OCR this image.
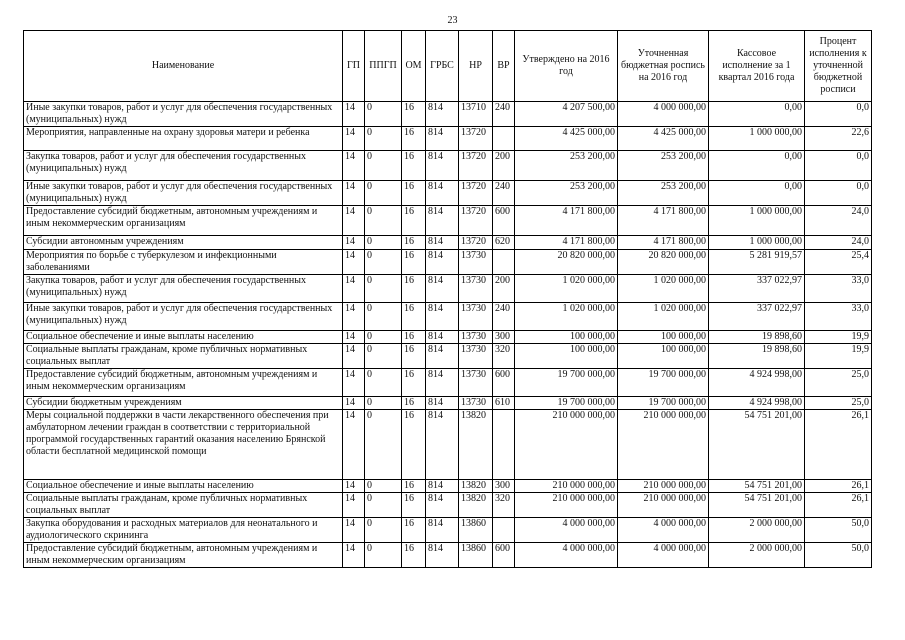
23
Наименование	ГП	ППГП	ОМ	ГРБС	НР	ВР	Утверждено на 2016 год	Уточненная бюджетная роспись на 2016 год	Кассовое исполнение за 1 квартал 2016 года	Процент исполнения к уточненной бюджетной росписи
Иные закупки товаров, работ и услуг для обеспечения государственных (муниципальных) нужд	14	0	16	814	13710	240	4 207 500,00	4 000 000,00	0,00	0,0
Мероприятия, направленные на охрану здоровья матери и ребенка	14	0	16	814	13720		4 425 000,00	4 425 000,00	1 000 000,00	22,6
Закупка товаров, работ и услуг для обеспечения государственных (муниципальных) нужд	14	0	16	814	13720	200	253 200,00	253 200,00	0,00	0,0
Иные закупки товаров, работ и услуг для обеспечения государственных (муниципальных) нужд	14	0	16	814	13720	240	253 200,00	253 200,00	0,00	0,0
Предоставление субсидий бюджетным, автономным учреждениям и иным некоммерческим организациям	14	0	16	814	13720	600	4 171 800,00	4 171 800,00	1 000 000,00	24,0
Субсидии автономным учреждениям	14	0	16	814	13720	620	4 171 800,00	4 171 800,00	1 000 000,00	24,0
Мероприятия по борьбе с туберкулезом и инфекционными заболеваниями	14	0	16	814	13730		20 820 000,00	20 820 000,00	5 281 919,57	25,4
Закупка товаров, работ и услуг для обеспечения государственных (муниципальных) нужд	14	0	16	814	13730	200	1 020 000,00	1 020 000,00	337 022,97	33,0
Иные закупки товаров, работ и услуг для обеспечения государственных (муниципальных) нужд	14	0	16	814	13730	240	1 020 000,00	1 020 000,00	337 022,97	33,0
Социальное обеспечение и иные выплаты населению	14	0	16	814	13730	300	100 000,00	100 000,00	19 898,60	19,9
Социальные выплаты гражданам, кроме публичных нормативных социальных выплат	14	0	16	814	13730	320	100 000,00	100 000,00	19 898,60	19,9
Предоставление субсидий бюджетным, автономным учреждениям и иным некоммерческим организациям	14	0	16	814	13730	600	19 700 000,00	19 700 000,00	4 924 998,00	25,0
Субсидии бюджетным учреждениям	14	0	16	814	13730	610	19 700 000,00	19 700 000,00	4 924 998,00	25,0
Меры социальной поддержки в части лекарственного обеспечения при амбулаторном лечении граждан в соответствии с территориальной программой государственных гарантий оказания населению Брянской области бесплатной медицинской помощи	14	0	16	814	13820		210 000 000,00	210 000 000,00	54 751 201,00	26,1
Социальное обеспечение и иные выплаты населению	14	0	16	814	13820	300	210 000 000,00	210 000 000,00	54 751 201,00	26,1
Социальные выплаты гражданам, кроме публичных нормативных социальных выплат	14	0	16	814	13820	320	210 000 000,00	210 000 000,00	54 751 201,00	26,1
Закупка оборудования и расходных материалов для неонатального и аудиологического скрининга	14	0	16	814	13860		4 000 000,00	4 000 000,00	2 000 000,00	50,0
Предоставление субсидий бюджетным, автономным учреждениям и иным некоммерческим организациям	14	0	16	814	13860	600	4 000 000,00	4 000 000,00	2 000 000,00	50,0
